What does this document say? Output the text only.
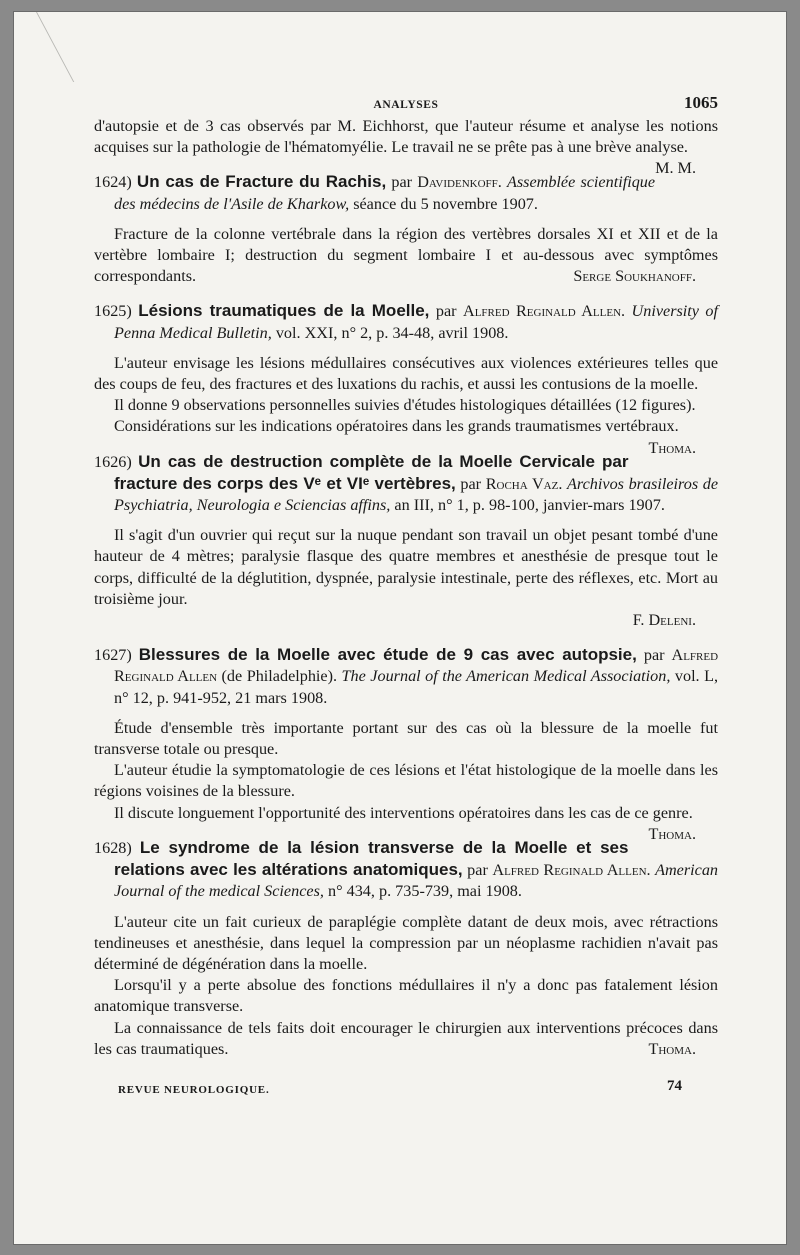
ANALYSES	1065

d'autopsie et de 3 cas observés par M. Eichhorst, que l'auteur résume et analyse les notions acquises sur la pathologie de l'hématomyélie. Le travail ne se prête pas à une brève analyse.
M. M.

1624) Un cas de Fracture du Rachis, par Davidenkoff. Assemblée scientifique des médecins de l'Asile de Kharkow, séance du 5 novembre 1907.

Fracture de la colonne vertébrale dans la région des vertèbres dorsales XI et XII et de la vertèbre lombaire I; destruction du segment lombaire I et au-dessous avec symptômes correspondants.	Serge Soukhanoff.

1625) Lésions traumatiques de la Moelle, par Alfred Reginald Allen. University of Penna Medical Bulletin, vol. XXI, n° 2, p. 34-48, avril 1908.

L'auteur envisage les lésions médullaires consécutives aux violences extérieures telles que des coups de feu, des fractures et des luxations du rachis, et aussi les contusions de la moelle.

Il donne 9 observations personnelles suivies d'études histologiques détaillées (12 figures).

Considérations sur les indications opératoires dans les grands traumatismes vertébraux.
Thoma.

1626) Un cas de destruction complète de la Moelle Cervicale par fracture des corps des Vᵉ et VIᵉ vertèbres, par Rocha Vaz. Archivos brasileiros de Psychiatria, Neurologia e Sciencias affins, an III, n° 1, p. 98-100, janvier-mars 1907.

Il s'agit d'un ouvrier qui reçut sur la nuque pendant son travail un objet pesant tombé d'une hauteur de 4 mètres; paralysie flasque des quatre membres et anesthésie de presque tout le corps, difficulté de la déglutition, dyspnée, paralysie intestinale, perte des réflexes, etc. Mort au troisième jour.

F. Deleni.

1627) Blessures de la Moelle avec étude de 9 cas avec autopsie, par Alfred Reginald Allen (de Philadelphie). The Journal of the American Medical Association, vol. L, n° 12, p. 941-952, 21 mars 1908.

Étude d'ensemble très importante portant sur des cas où la blessure de la moelle fut transverse totale ou presque.

L'auteur étudie la symptomatologie de ces lésions et l'état histologique de la moelle dans les régions voisines de la blessure.

Il discute longuement l'opportunité des interventions opératoires dans les cas de ce genre.
Thoma.

1628) Le syndrome de la lésion transverse de la Moelle et ses relations avec les altérations anatomiques, par Alfred Reginald Allen. American Journal of the medical Sciences, n° 434, p. 735-739, mai 1908.

L'auteur cite un fait curieux de paraplégie complète datant de deux mois, avec rétractions tendineuses et anesthésie, dans lequel la compression par un néoplasme rachidien n'avait pas déterminé de dégénération dans la moelle.

Lorsqu'il y a perte absolue des fonctions médullaires il n'y a donc pas fatalement lésion anatomique transverse.

La connaissance de tels faits doit encourager le chirurgien aux interventions précoces dans les cas traumatiques.	Thoma.

REVUE NEUROLOGIQUE.	74
